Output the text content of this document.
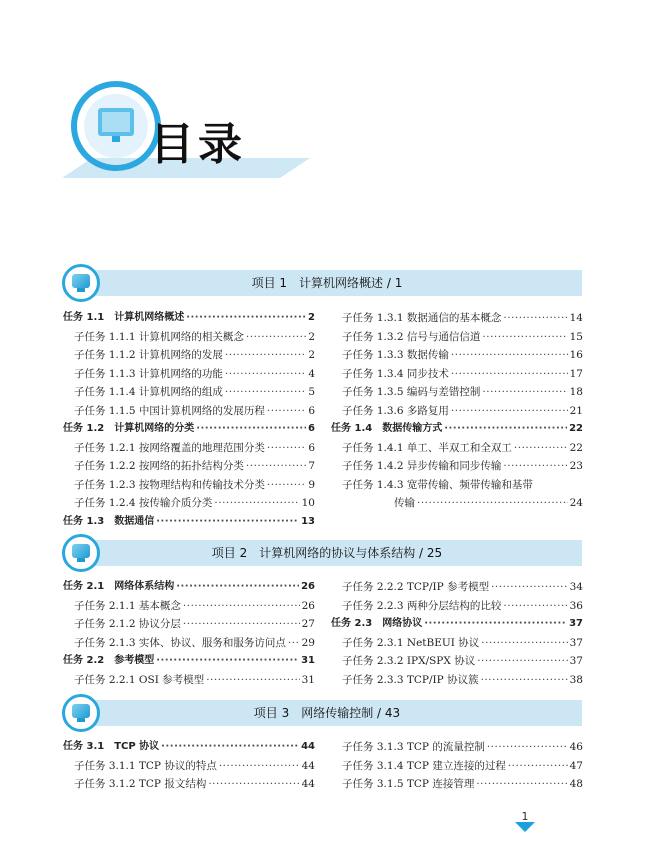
目录
项目 1　计算机网络概述 / 1
任务 1.1　计算机网络概述 ·····	2
子任务 1.1.1 计算机网络的相关概念 ·····	2
子任务 1.1.2 计算机网络的发展 ·····	2
子任务 1.1.3 计算机网络的功能 ·····	4
子任务 1.1.4 计算机网络的组成 ·····	5
子任务 1.1.5 中国计算机网络的发展历程 ·····	6
任务 1.2　计算机网络的分类 ·····	6
子任务 1.2.1 按网络覆盖的地理范围分类 ·····	6
子任务 1.2.2 按网络的拓扑结构分类 ·····	7
子任务 1.2.3 按物理结构和传输技术分类 ·····	9
子任务 1.2.4 按传输介质分类 ·····	10
任务 1.3　数据通信 ·····	13
子任务 1.3.1 数据通信的基本概念 ·····	14
子任务 1.3.2 信号与通信信道 ·····	15
子任务 1.3.3 数据传输 ·····	16
子任务 1.3.4 同步技术 ·····	17
子任务 1.3.5 编码与差错控制 ·····	18
子任务 1.3.6 多路复用 ·····	21
任务 1.4　数据传输方式 ·····	22
子任务 1.4.1 单工、半双工和全双工 ·····	22
子任务 1.4.2 异步传输和同步传输 ·····	23
子任务 1.4.3 宽带传输、频带传输和基带
传输 ·····	24
项目 2　计算机网络的协议与体系结构 / 25
任务 2.1　网络体系结构 ·····	26
子任务 2.1.1 基本概念 ·····	26
子任务 2.1.2 协议分层 ·····	27
子任务 2.1.3 实体、协议、服务和服务访问点 ····· 29
任务 2.2　参考模型 ·····	31
子任务 2.2.1 OSI 参考模型 ·····	31
子任务 2.2.2 TCP/IP 参考模型 ·····	34
子任务 2.2.3 两种分层结构的比较 ·····	36
任务 2.3　网络协议 ·····	37
子任务 2.3.1 NetBEUI 协议 ·····	37
子任务 2.3.2 IPX/SPX 协议 ·····	37
子任务 2.3.3 TCP/IP 协议簇 ·····	38
项目 3　网络传输控制 / 43
任务 3.1　TCP 协议 ·····	44
子任务 3.1.1 TCP 协议的特点 ·····	44
子任务 3.1.2 TCP 报文结构 ·····	44
子任务 3.1.3 TCP 的流量控制 ·····	46
子任务 3.1.4 TCP 建立连接的过程 ·····	47
子任务 3.1.5 TCP 连接管理 ·····	48
1
